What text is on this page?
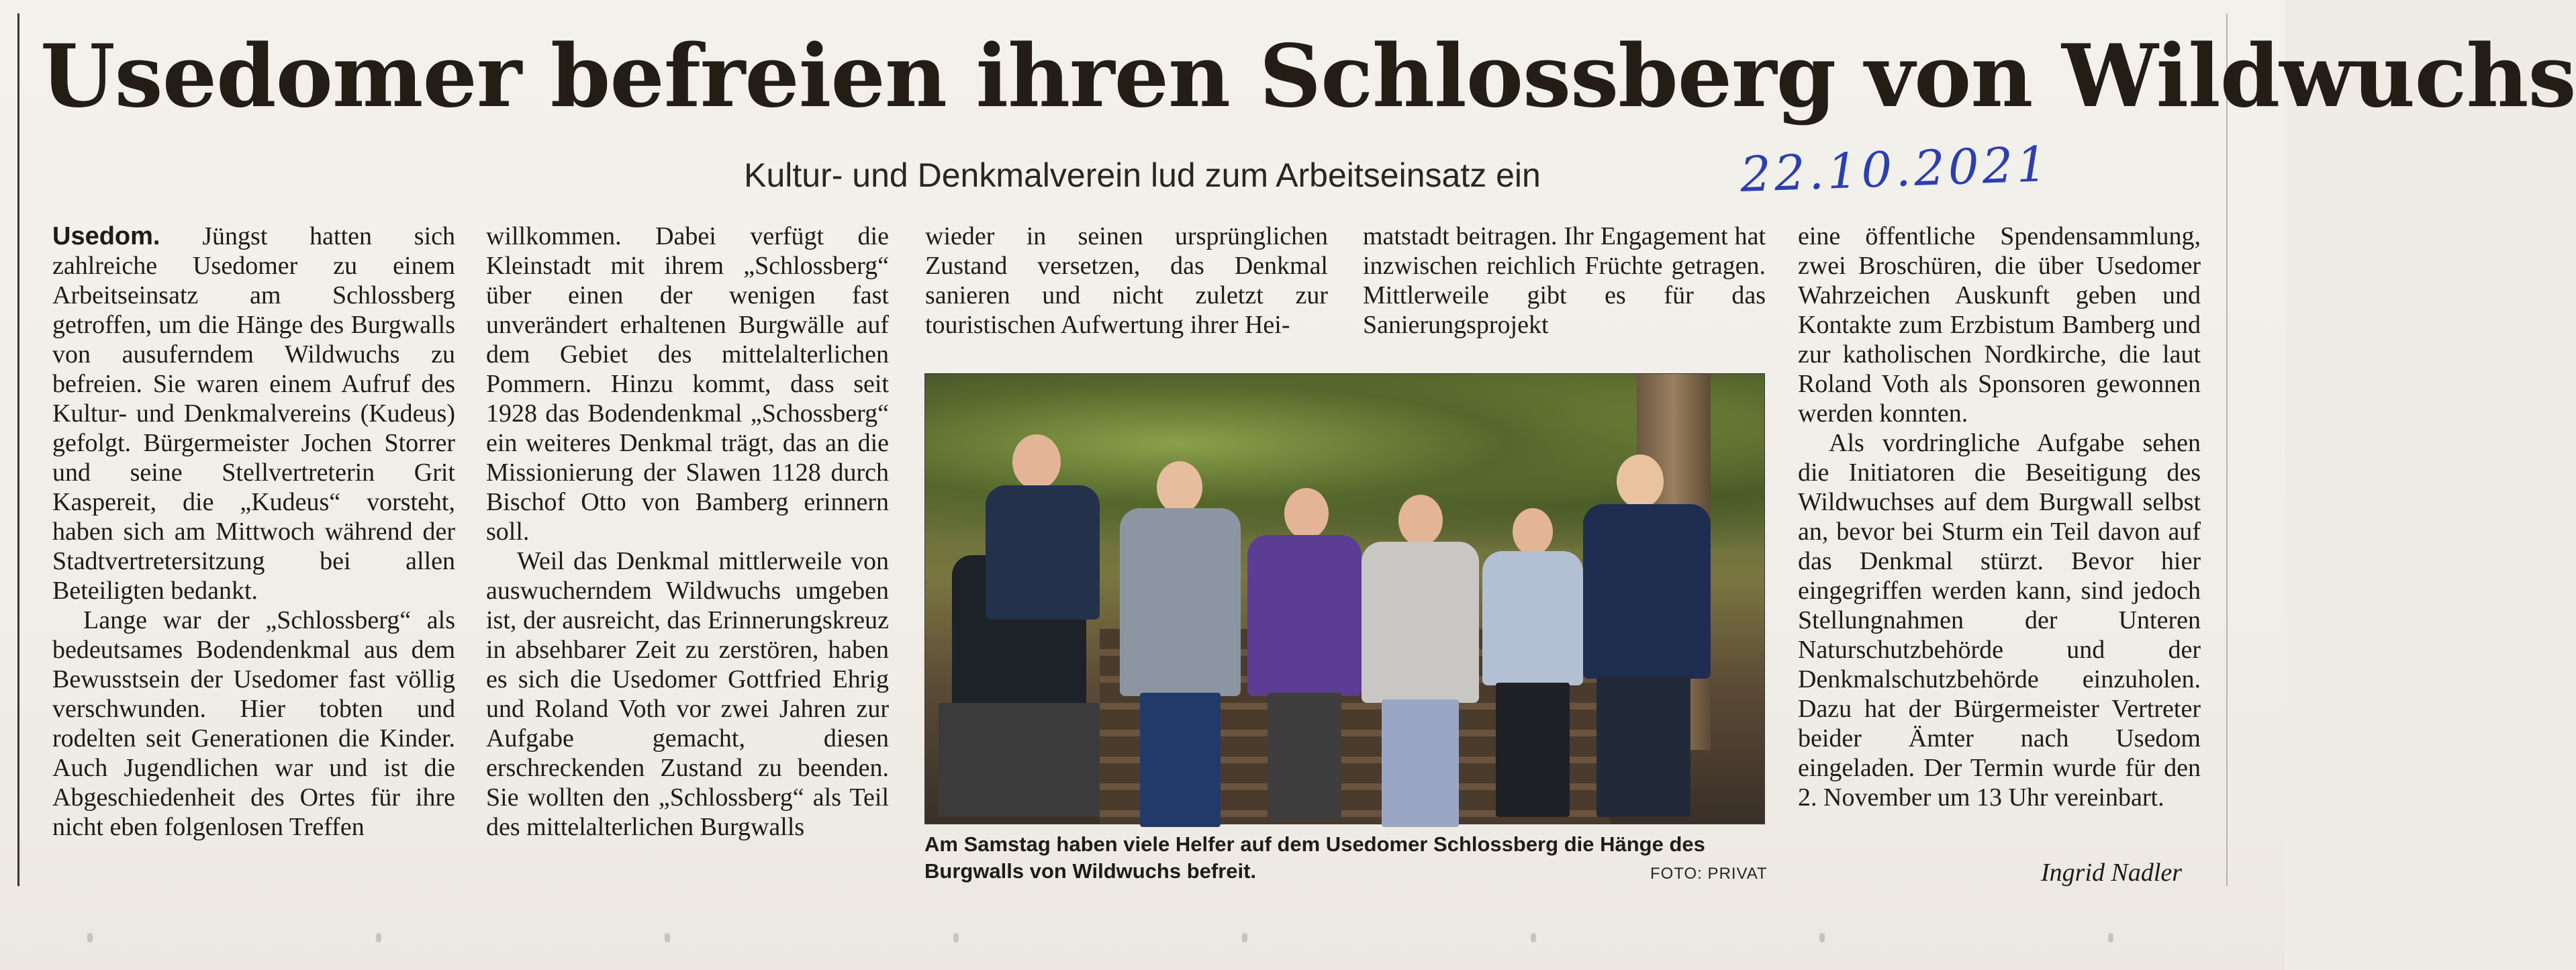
Usedomer befreien ihren Schlossberg von Wildwuchs
Kultur- und Denkmalverein lud zum Arbeitseinsatz ein	22.10.2021

Usedom. Jüngst hatten sich zahlreiche Usedomer zu einem Arbeitseinsatz am Schlossberg getroffen, um die Hänge des Burgwalls von ausuferndem Wildwuchs zu befreien. Sie waren einem Aufruf des Kultur- und Denkmalvereins (Kudeus) gefolgt. Bürgermeister Jochen Storrer und seine Stellvertreterin Grit Kaspereit, die „Kudeus“ vorsteht, haben sich am Mittwoch während der Stadtvertretersitzung bei allen Beteiligten bedankt.

Lange war der „Schlossberg“ als bedeutsames Bodendenkmal aus dem Bewusstsein der Usedomer fast völlig verschwunden. Hier tobten und rodelten seit Generationen die Kinder. Auch Jugendlichen war und ist die Abgeschiedenheit des Ortes für ihre nicht eben folgenlosen Treffen

willkommen. Dabei verfügt die Kleinstadt mit ihrem „Schlossberg“ über einen der wenigen fast unverändert erhaltenen Burgwälle auf dem Gebiet des mittelalterlichen Pommern. Hinzu kommt, dass seit 1928 das Bodendenkmal „Schossberg“ ein weiteres Denkmal trägt, das an die Missionierung der Slawen 1128 durch Bischof Otto von Bamberg erinnern soll.

Weil das Denkmal mittlerweile von auswucherndem Wildwuchs umgeben ist, der ausreicht, das Erinnerungskreuz in absehbarer Zeit zu zerstören, haben es sich die Usedomer Gottfried Ehrig und Roland Voth vor zwei Jahren zur Aufgabe gemacht, diesen erschreckenden Zustand zu beenden. Sie wollten den „Schlossberg“ als Teil des mittelalterlichen Burgwalls

wieder in seinen ursprünglichen Zustand versetzen, das Denkmal sanieren und nicht zuletzt zur touristischen Aufwertung ihrer Hei-

matstadt beitragen. Ihr Engagement hat inzwischen reichlich Früchte getragen. Mittlerweile gibt es für das Sanierungsprojekt

eine öffentliche Spendensammlung, zwei Broschüren, die über Usedomer Wahrzeichen Auskunft geben und Kontakte zum Erzbistum Bamberg und zur katholischen Nordkirche, die laut Roland Voth als Sponsoren gewonnen werden konnten.

Als vordringliche Aufgabe sehen die Initiatoren die Beseitigung des Wildwuchses auf dem Burgwall selbst an, bevor bei Sturm ein Teil davon auf das Denkmal stürzt. Bevor hier eingegriffen werden kann, sind jedoch Stellungnahmen der Unteren Naturschutzbehörde und der Denkmalschutzbehörde einzuholen. Dazu hat der Bürgermeister Vertreter beider Ämter nach Usedom eingeladen. Der Termin wurde für den 2. November um 13 Uhr vereinbart.

Am Samstag haben viele Helfer auf dem Usedomer Schlossberg die Hänge des Burgwalls von Wildwuchs befreit.	FOTO: PRIVAT	Ingrid Nadler
